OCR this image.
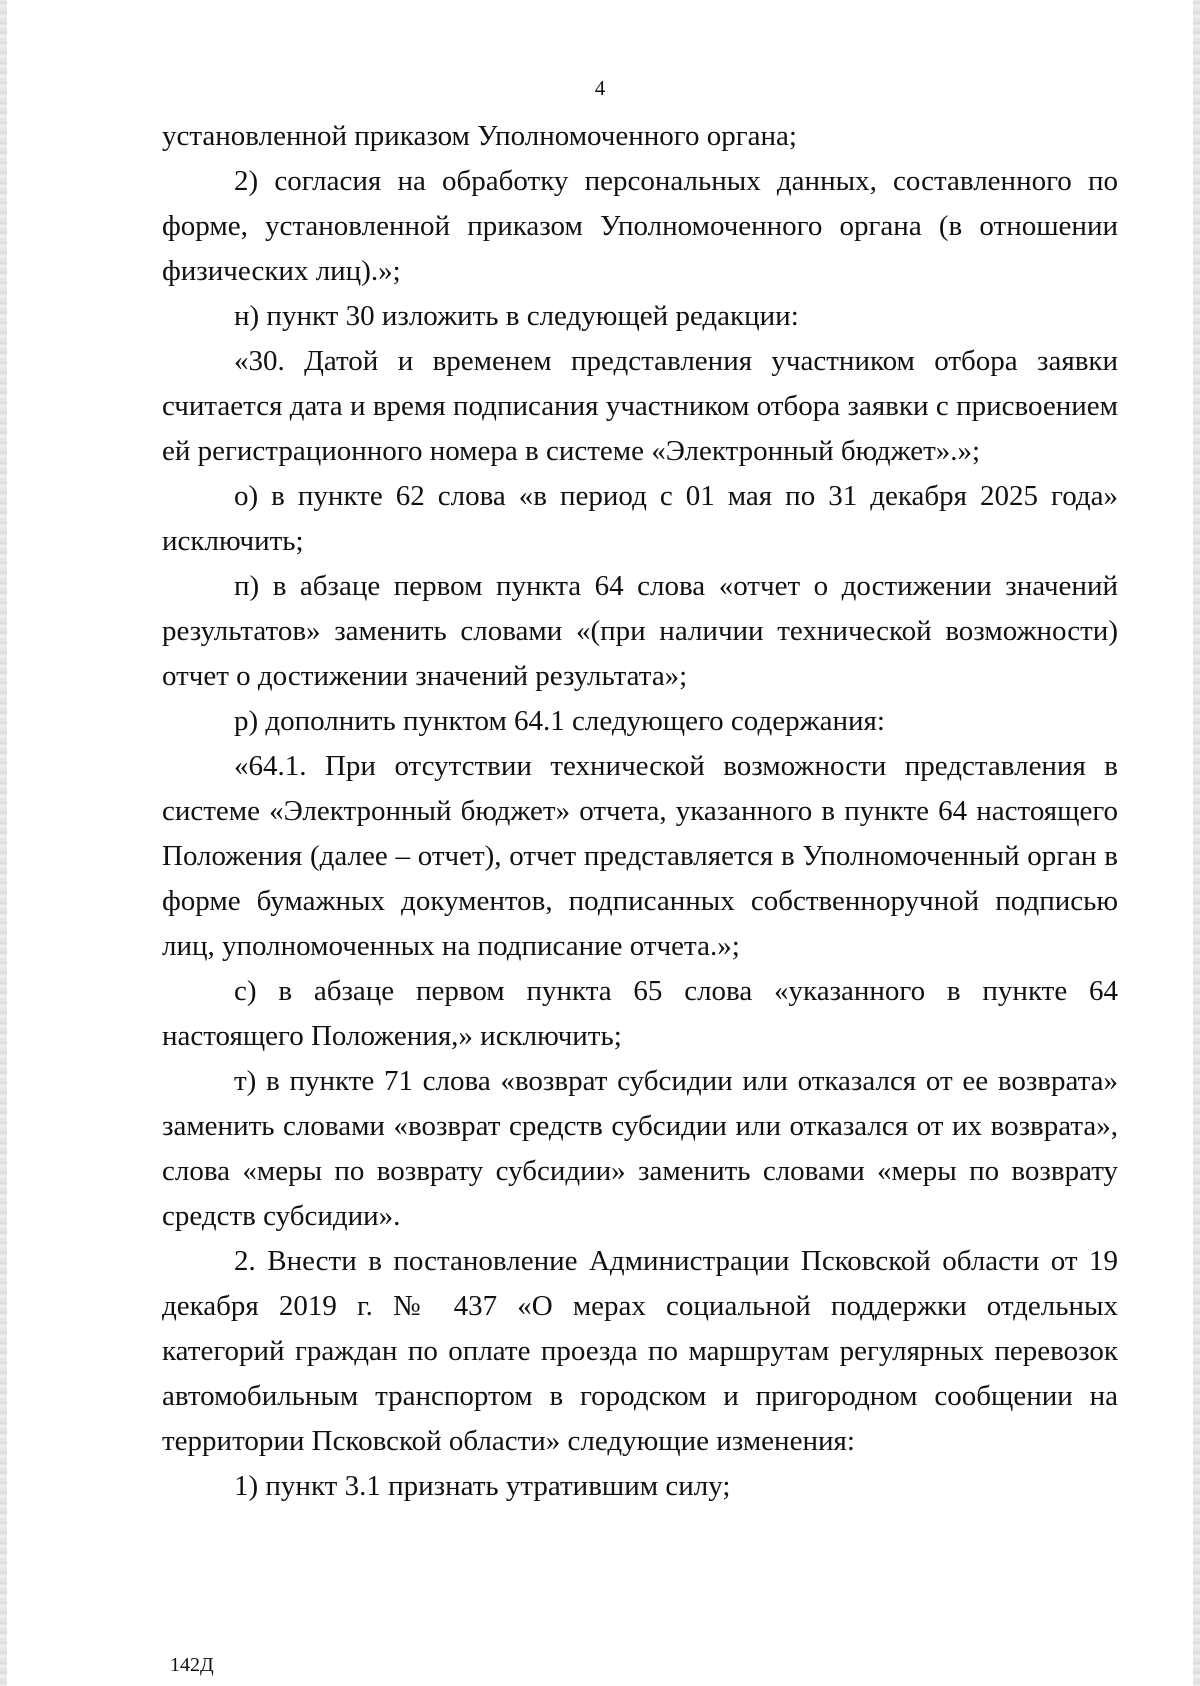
4

установленной приказом Уполномоченного органа;

2) согласия на обработку персональных данных, составленного по форме, установленной приказом Уполномоченного органа (в отношении физических лиц).»;

н) пункт 30 изложить в следующей редакции:

«30. Датой и временем представления участником отбора заявки считается дата и время подписания участником отбора заявки с присвоением ей регистрационного номера в системе «Электронный бюджет».»;

о) в пункте 62 слова «в период с 01 мая по 31 декабря 2025 года» исключить;

п) в абзаце первом пункта 64 слова «отчет о достижении значений результатов» заменить словами «(при наличии технической возможности) отчет о достижении значений результата»;

р) дополнить пунктом 64.1 следующего содержания:

«64.1. При отсутствии технической возможности представления в системе «Электронный бюджет» отчета, указанного в пункте 64 настоящего Положения (далее – отчет), отчет представляется в Уполномоченный орган в форме бумажных документов, подписанных собственноручной подписью лиц, уполномоченных на подписание отчета.»;

с) в абзаце первом пункта 65 слова «указанного в пункте 64 настоящего Положения,» исключить;

т) в пункте 71 слова «возврат субсидии или отказался от ее возврата» заменить словами «возврат средств субсидии или отказался от их возврата», слова «меры по возврату субсидии» заменить словами «меры по возврату средств субсидии».

2. Внести в постановление Администрации Псковской области от 19 декабря 2019 г. № 437 «О мерах социальной поддержки отдельных категорий граждан по оплате проезда по маршрутам регулярных перевозок автомобильным транспортом в городском и пригородном сообщении на территории Псковской области» следующие изменения:

1) пункт 3.1 признать утратившим силу;

142Д
